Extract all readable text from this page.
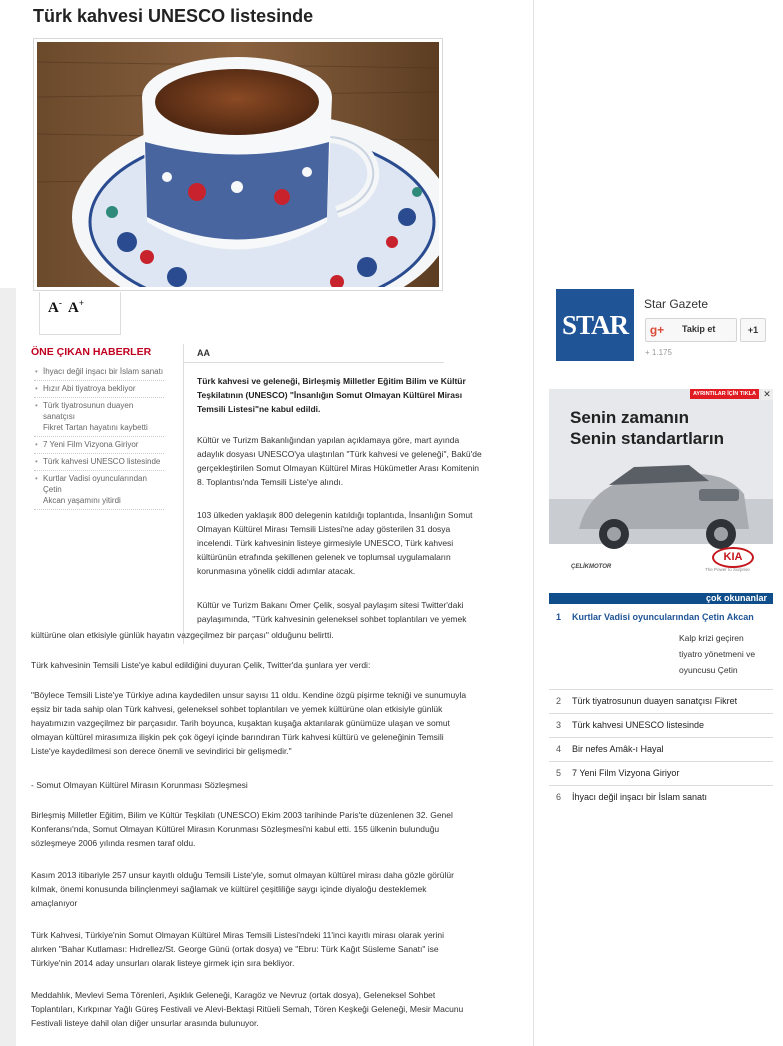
Türk kahvesi UNESCO listesinde
A- A+
ÖNE ÇIKAN HABERLER
• İhyacı değil inşacı bir İslam sanatı
• Hızır Abi tiyatroya bekliyor
• Türk tiyatrosunun duayen sanatçısı
Fikret Tartan hayatını kaybetti
• 7 Yeni Film Vizyona Giriyor
• Türk kahvesi UNESCO listesinde
• Kurtlar Vadisi oyuncularından Çetin
Akcan yaşamını yitirdi
AA

Türk kahvesi ve geleneği, Birleşmiş Milletler Eğitim Bilim ve Kültür
Teşkilatının (UNESCO) "İnsanlığın Somut Olmayan Kültürel Mirası
Temsili Listesi"ne kabul edildi.

Kültür ve Turizm Bakanlığından yapılan açıklamaya göre, mart ayında
adaylık dosyası UNESCO'ya ulaştırılan "Türk kahvesi ve geleneği", Bakü'de
gerçekleştirilen Somut Olmayan Kültürel Miras Hükümetler Arası Komitenin
8. Toplantısı'nda Temsili Liste'ye alındı.

103 ülkeden yaklaşık 800 delegenin katıldığı toplantıda, İnsanlığın Somut
Olmayan Kültürel Mirası Temsili Listesi'ne aday gösterilen 31 dosya
incelendi. Türk kahvesinin listeye girmesiyle UNESCO, Türk kahvesi
kültürünün etrafında şekillenen gelenek ve toplumsal uygulamaların
korunmasına yönelik ciddi adımlar atacak.

Kültür ve Turizm Bakanı Ömer Çelik, sosyal paylaşım sitesi Twitter'daki
paylaşımında, "Türk kahvesinin geleneksel sohbet toplantıları ve yemek

kültürüne olan etkisiyle günlük hayatın vazgeçilmez bir parçası" olduğunu belirtti.

Türk kahvesinin Temsili Liste'ye kabul edildiğini duyuran Çelik, Twitter'da şunlara yer verdi:

"Böylece Temsili Liste'ye Türkiye adına kaydedilen unsur sayısı 11 oldu. Kendine özgü pişirme tekniği ve sunumuyla
eşsiz bir tada sahip olan Türk kahvesi, geleneksel sohbet toplantıları ve yemek kültürüne olan etkisiyle günlük
hayatımızın vazgeçilmez bir parçasıdır. Tarih boyunca, kuşaktan kuşağa aktarılarak günümüze ulaşan ve somut
olmayan kültürel mirasımıza ilişkin pek çok ögeyi içinde barındıran Türk kahvesi kültürü ve geleneğinin Temsili
Liste'ye kaydedilmesi son derece önemli ve sevindirici bir gelişmedir."

- Somut Olmayan Kültürel Mirasın Korunması Sözleşmesi

Birleşmiş Milletler Eğitim, Bilim ve Kültür Teşkilatı (UNESCO) Ekim 2003 tarihinde Paris'te düzenlenen 32. Genel
Konferansı'nda, Somut Olmayan Kültürel Mirasın Korunması Sözleşmesi'ni kabul etti. 155 ülkenin bulunduğu
sözleşmeye 2006 yılında resmen taraf oldu.

Kasım 2013 itibariyle 257 unsur kayıtlı olduğu Temsili Liste'yle, somut olmayan kültürel mirası daha gözle görülür
kılmak, önemi konusunda bilinçlenmeyi sağlamak ve kültürel çeşitliliğe saygı içinde diyaloğu desteklemek
amaçlanıyor

Türk Kahvesi, Türkiye'nin Somut Olmayan Kültürel Miras Temsili Listesi'ndeki 11'inci kayıtlı mirası olarak yerini
alırken "Bahar Kutlaması: Hıdrellez/St. George Günü (ortak dosya) ve "Ebru: Türk Kağıt Süsleme Sanatı" ise
Türkiye'nin 2014 aday unsurları olarak listeye girmek için sıra bekliyor.

Meddahlık, Mevlevi Sema Törenleri, Aşıklık Geleneği, Karagöz ve Nevruz (ortak dosya), Geleneksel Sohbet
Toplantıları, Kırkpınar Yağlı Güreş Festivali ve Alevi-Bektaşi Ritüeli Semah, Tören Keşkeği Geleneği, Mesir Macunu
Festivali listeye dahil olan diğer unsurlar arasında bulunuyor.

STAR
Star Gazete
g+	Takip et	+1
+ 1.175
AYRINTILAR İÇİN TIKLA ✕
Senin zamanın
Senin standartların
ÇELİKMOTOR
KIA
The Power to Surprise
çok okunanlar
1 Kurtlar Vadisi oyuncularından Çetin Akcan
Kalp krizi geçiren tiyatro yönetmeni ve oyuncusu Çetin
2 Türk tiyatrosunun duayen sanatçısı Fikret
3 Türk kahvesi UNESCO listesinde
4 Bir nefes Amâk-ı Hayal
5 7 Yeni Film Vizyona Giriyor
6 İhyacı değil inşacı bir İslam sanatı
